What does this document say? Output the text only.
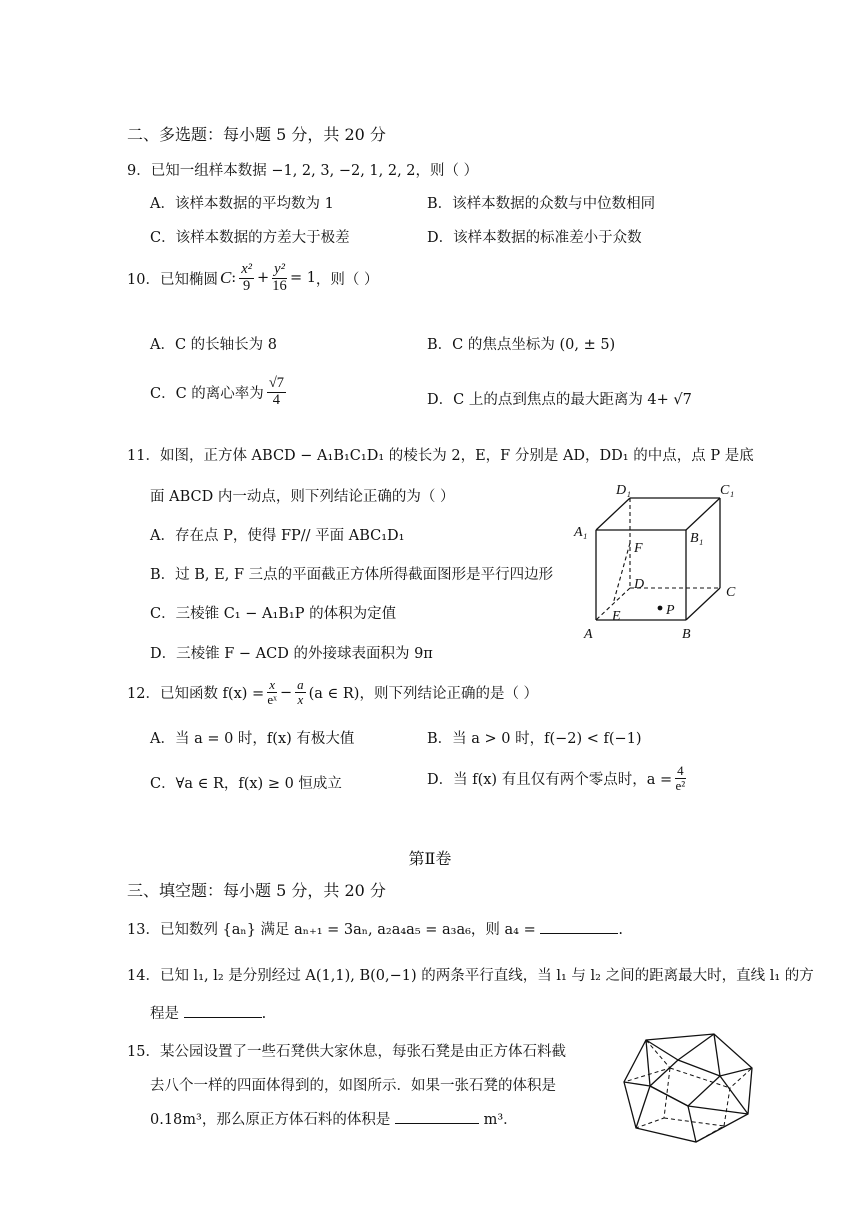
二、多选题：每小题 5 分，共 20 分
9．已知一组样本数据 −1, 2, 3, −2, 1, 2, 2，则（ ）
A．该样本数据的平均数为 1	B．该样本数据的众数与中位数相同
C．该样本数据的方差大于极差	D．该样本数据的标准差小于众数
10．已知椭圆 C : $\frac{\text{x²}}{9} + \frac{\text{y²}}{16} = 1$ ，则（ ）
A．C 的长轴长为 8	B．C 的焦点坐标为 (0, ± 5)
C．C 的离心率为 $\frac{√7}{4}$	D．C 上的点到焦点的最大距离为 4+ √7
11．如图，正方体 ABCD − A₁B₁C₁D₁ 的棱长为 2，E，F 分别是 AD，DD₁ 的中点，点 P 是底
面 ABCD 内一动点，则下列结论正确的为（ ）
A．存在点 P，使得 FP// 平面 ABC₁D₁
B．过 B, E, F 三点的平面截正方体所得截面图形是平行四边形
C．三棱锥 C₁ − A₁B₁P 的体积为定值
D．三棱锥 F − ACD 的外接球表面积为 9π
D₁	C₁
A₁	B₁
F
D
C
E	P
A	B
12．已知函数 $f(x) = \frac{x}{\text{eˣ}} - \frac{a}{x} (a$ ∈ R)，则下列结论正确的是（ ）
A．当 a = 0 时，f(x) 有极大值	B．当 a > 0 时，f(−2) < f(−1)
C．∀a ∈ R，f(x) ≥ 0 恒成立	D．当 f(x) 有且仅有两个零点时，$a = \frac{4}{\text{e²}}$
第Ⅱ卷
三、填空题：每小题 5 分，共 20 分
13．已知数列 {aₙ} 满足 aₙ₊₁ = 3aₙ, a₂a₄a₅ = a₃a₆，则 a₄ =	.
14．已知 l₁, l₂ 是分别经过 A(1,1), B(0,−1) 的两条平行直线，当 l₁ 与 l₂ 之间的距离最大时，直线 l₁ 的方
程是	.
15．某公园设置了一些石凳供大家休息，每张石凳是由正方体石料截
去八个一样的四面体得到的，如图所示．如果一张石凳的体积是
0.18m³，那么原正方体石料的体积是	m³．
